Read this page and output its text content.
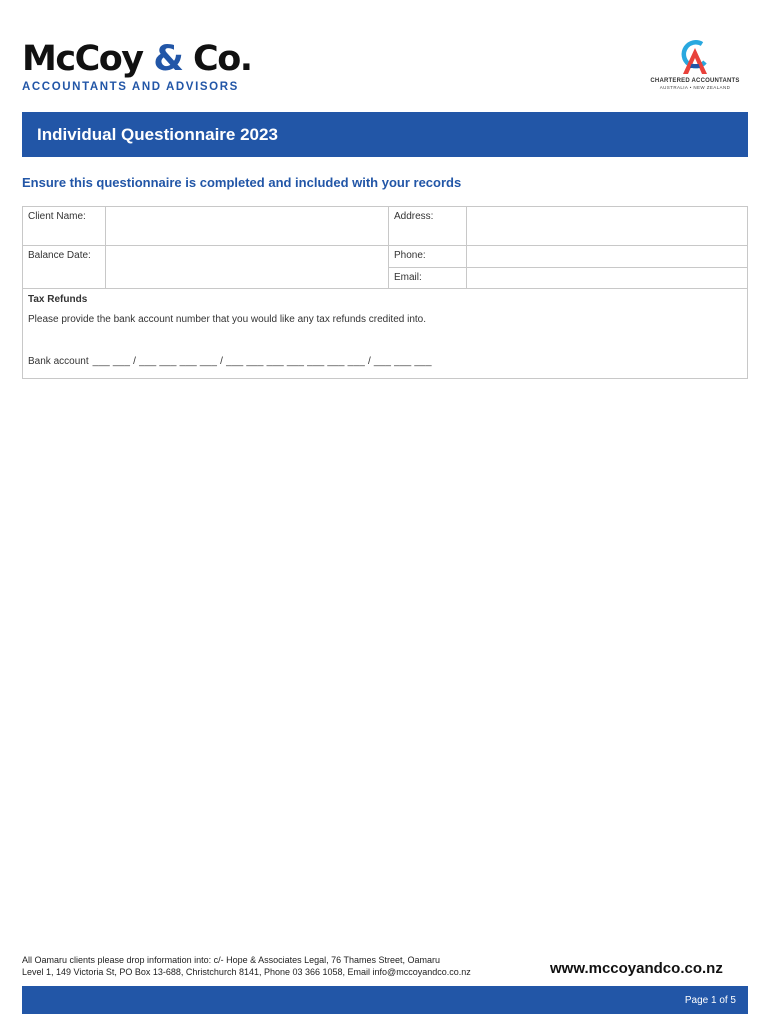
McCoy & Co.
ACCOUNTANTS AND ADVISORS	CHARTERED ACCOUNTANTS
AUSTRALIA • NEW ZEALAND
Individual Questionnaire 2023
Ensure this questionnaire is completed and included with your records
Client Name:	Address:
Balance Date:	Phone:
Email:
Tax Refunds
Please provide the bank account number that you would like any tax refunds credited into.
Bank account ___ ___ / ___ ___ ___ ___ / ___ ___ ___ ___ ___ ___ ___ / ___ ___ ___
All Oamaru clients please drop information into: c/- Hope & Associates Legal, 76 Thames Street, Oamaru
Level 1, 149 Victoria St, PO Box 13-688, Christchurch 8141, Phone 03 366 1058, Email info@mccoyandco.co.nz	www.mccoyandco.co.nz
Page 1 of 5
